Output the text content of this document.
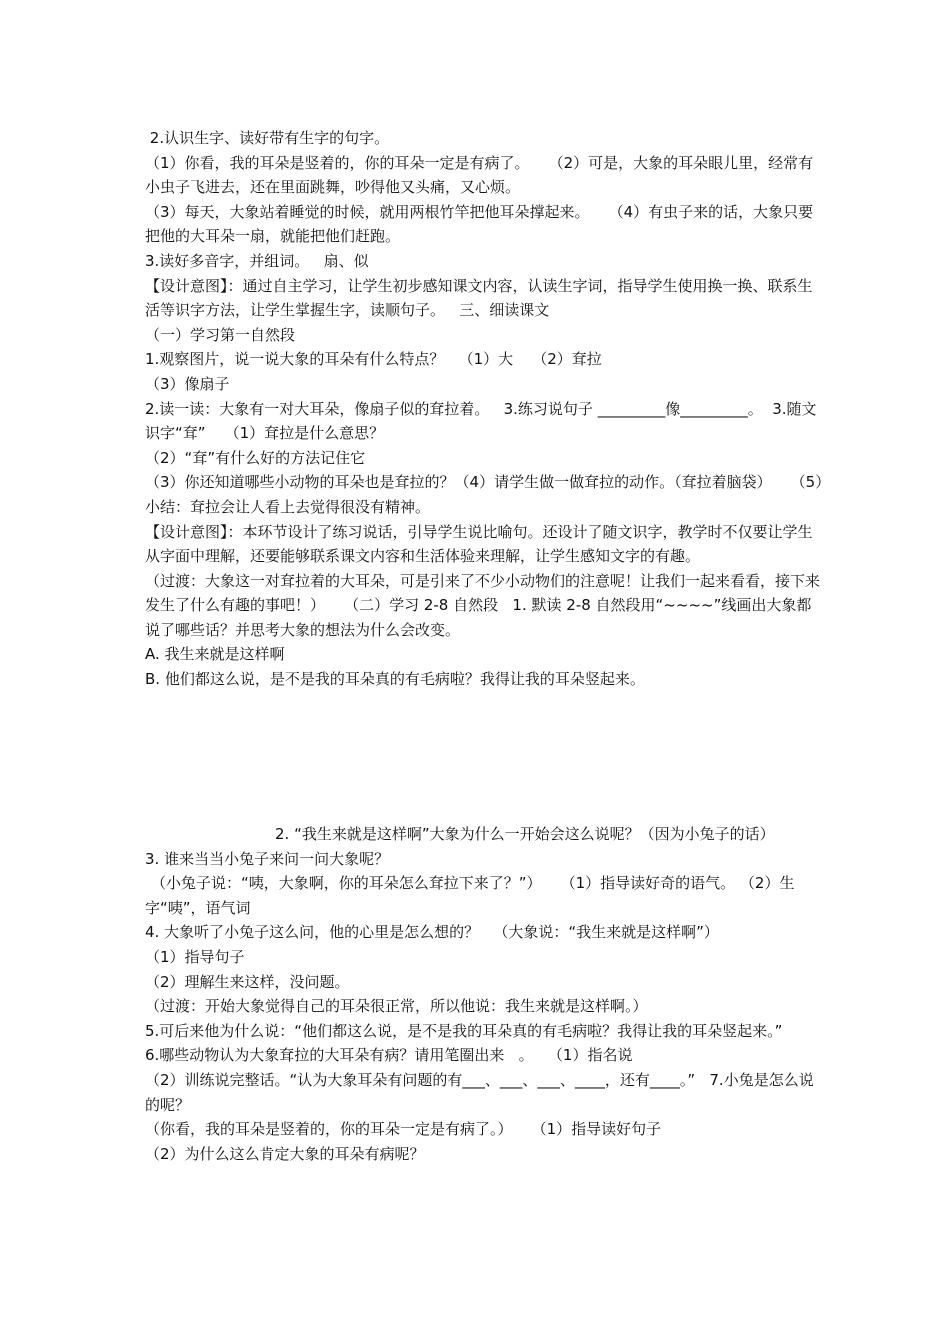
2.认识生字、读好带有生字的句字。

（1）你看，我的耳朵是竖着的，你的耳朵一定是有病了。    （2）可是，大象的耳朵眼儿里，经常有小虫子飞进去，还在里面跳舞，吵得他又头痛，又心烦。

（3）每天，大象站着睡觉的时候，就用两根竹竿把他耳朵撑起来。    （4）有虫子来的话，大象只要把他的大耳朵一扇，就能把他们赶跑。

3.读好多音字，并组词。   扇、似

【设计意图】：通过自主学习，让学生初步感知课文内容，认读生字词，指导学生使用换一换、联系生活等识字方法，让学生掌握生字，读顺句子。   三、细读课文

（一）学习第一自然段

1.观察图片，说一说大象的耳朵有什么特点？   （1）大    （2）耷拉

（3）像扇子

2.读一读：大象有一对大耳朵，像扇子似的耷拉着。   3.练习说句子 _________像_________。  3.随文识字“耷”    （1）耷拉是什么意思？

（2）“耷”有什么好的方法记住它

（3）你还知道哪些小动物的耳朵也是耷拉的？（4）请学生做一做耷拉的动作。（耷拉着脑袋）    （5）小结：耷拉会让人看上去觉得很没有精神。

【设计意图】：本环节设计了练习说话，引导学生说比喻句。还设计了随文识字，教学时不仅要让学生从字面中理解，还要能够联系课文内容和生活体验来理解，让学生感知文字的有趣。

（过渡：大象这一对耷拉着的大耳朵，可是引来了不少小动物们的注意呢！让我们一起来看看，接下来发生了什么有趣的事吧！）    （二）学习 2-8 自然段   1. 默读 2-8 自然段用“~~~~”线画出大象都说了哪些话？并思考大象的想法为什么会改变。

A. 我生来就是这样啊

B. 他们都这么说，是不是我的耳朵真的有毛病啦？我得让我的耳朵竖起来。

2. “我生来就是这样啊”大象为什么一开始会这么说呢？（因为小兔子的话）

3. 谁来当当小兔子来问一问大象呢？

（小兔子说：“咦，大象啊，你的耳朵怎么耷拉下来了？”）    （1）指导读好奇的语气。 （2）生字“咦”，语气词

4. 大象听了小兔子这么问，他的心里是怎么想的？   （大象说：“我生来就是这样啊”）

（1）指导句子

（2）理解生来这样，没问题。

（过渡：开始大象觉得自己的耳朵很正常，所以他说：我生来就是这样啊。）

5.可后来他为什么说：“他们都这么说，是不是我的耳朵真的有毛病啦？我得让我的耳朵竖起来。”

6.哪些动物认为大象耷拉的大耳朵有病？请用笔圈出来   。   （1）指名说

（2）训练说完整话。“认为大象耳朵有问题的有___、___、___、____，还有____。”   7.小兔是怎么说的呢？

（你看，我的耳朵是竖着的，你的耳朵一定是有病了。）    （1）指导读好句子

（2）为什么这么肯定大象的耳朵有病呢？
